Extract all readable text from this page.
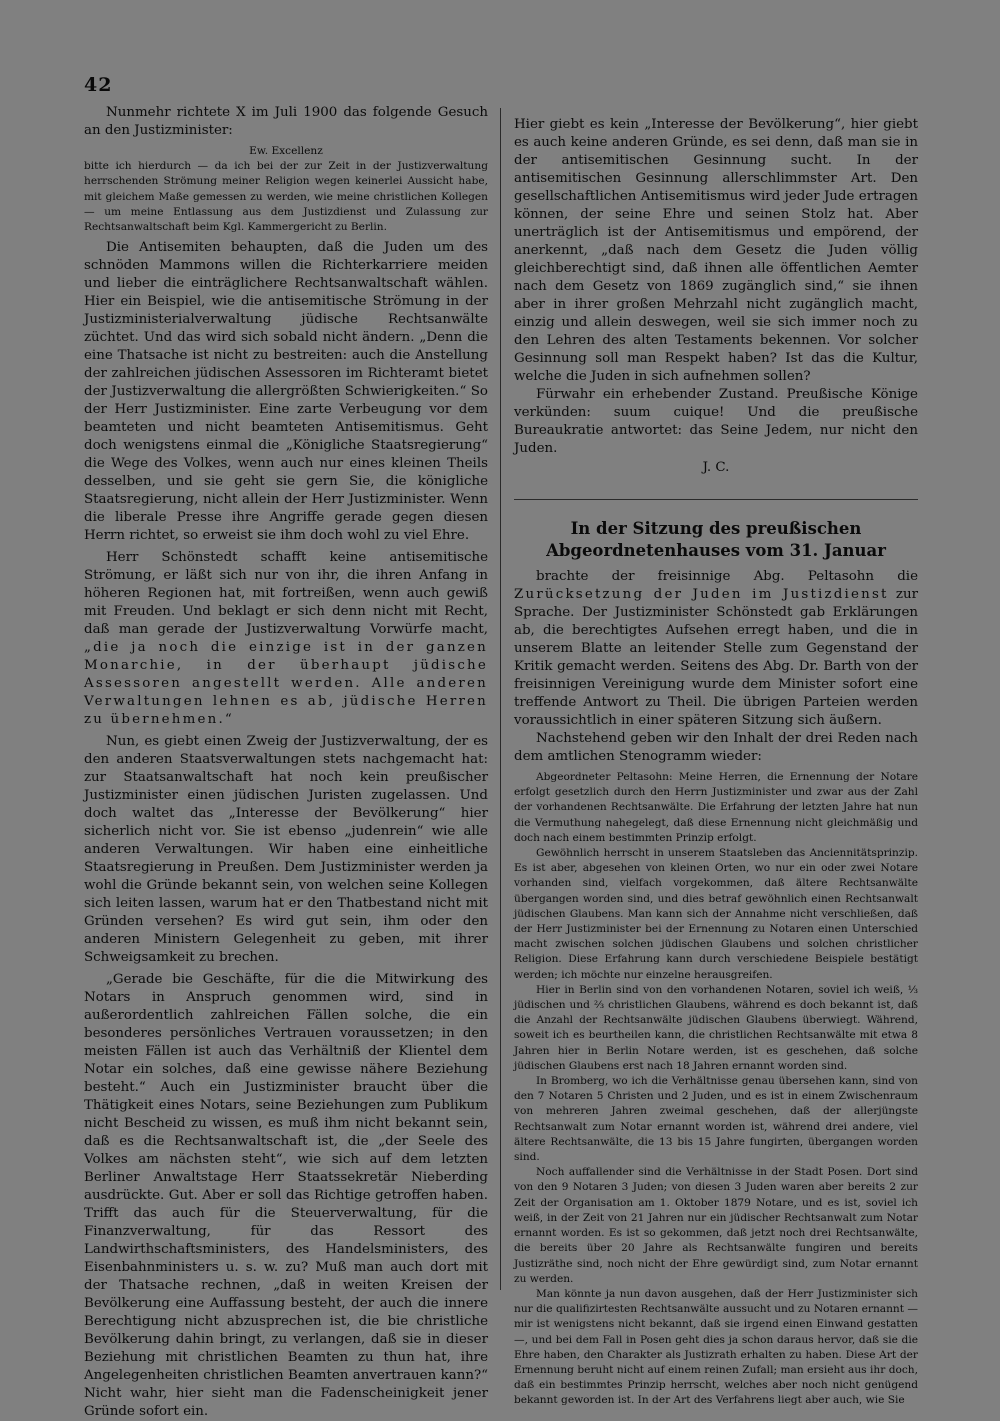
42

Nunmehr richtete X im Juli 1900 das folgende Gesuch an den Justizminister:

Ew. Excellenz

bitte ich hierdurch — da ich bei der zur Zeit in der Justizverwaltung herrschenden Strömung meiner Religion wegen keinerlei Aussicht habe, mit gleichem Maße gemessen zu werden, wie meine christlichen Kollegen — um meine Entlassung aus dem Justizdienst und Zulassung zur Rechtsanwaltschaft beim Kgl. Kammergericht zu Berlin.

Die Antisemiten behaupten, daß die Juden um des schnöden Mammons willen die Richterkarriere meiden und lieber die einträglichere Rechtsanwaltschaft wählen. Hier ein Beispiel, wie die antisemitische Strömung in der Justizministerialverwaltung jüdische Rechtsanwälte züchtet. Und das wird sich sobald nicht ändern. „Denn die eine Thatsache ist nicht zu bestreiten: auch die Anstellung der zahlreichen jüdischen Assessoren im Richteramt bietet der Justizverwaltung die allergrößten Schwierigkeiten.“ So der Herr Justizminister. Eine zarte Verbeugung vor dem beamteten und nicht beamteten Antisemitismus. Geht doch wenigstens einmal die „Königliche Staatsregierung“ die Wege des Volkes, wenn auch nur eines kleinen Theils desselben, und sie geht sie gern Sie, die königliche Staatsregierung, nicht allein der Herr Justizminister. Wenn die liberale Presse ihre Angriffe gerade gegen diesen Herrn richtet, so erweist sie ihm doch wohl zu viel Ehre.

Herr Schönstedt schafft keine antisemitische Strömung, er läßt sich nur von ihr, die ihren Anfang in höheren Regionen hat, mit fortreißen, wenn auch gewiß mit Freuden. Und beklagt er sich denn nicht mit Recht, daß man gerade der Justizverwaltung Vorwürfe macht, „die ja noch die einzige ist in der ganzen Monarchie, in der überhaupt jüdische Assessoren angestellt werden. Alle anderen Verwaltungen lehnen es ab, jüdische Herren zu übernehmen.“

Nun, es giebt einen Zweig der Justizverwaltung, der es den anderen Staatsverwaltungen stets nachgemacht hat: zur Staatsanwaltschaft hat noch kein preußischer Justizminister einen jüdischen Juristen zugelassen. Und doch waltet das „Interesse der Bevölkerung“ hier sicherlich nicht vor. Sie ist ebenso „judenrein“ wie alle anderen Verwaltungen. Wir haben eine einheitliche Staatsregierung in Preußen. Dem Justizminister werden ja wohl die Gründe bekannt sein, von welchen seine Kollegen sich leiten lassen, warum hat er den Thatbestand nicht mit Gründen versehen? Es wird gut sein, ihm oder den anderen Ministern Gelegenheit zu geben, mit ihrer Schweigsamkeit zu brechen.

„Gerade bie Geschäfte, für die die Mitwirkung des Notars in Anspruch genommen wird, sind in außerordentlich zahlreichen Fällen solche, die ein besonderes persönliches Vertrauen voraussetzen; in den meisten Fällen ist auch das Verhältniß der Klientel dem Notar ein solches, daß eine gewisse nähere Beziehung besteht.“ Auch ein Justizminister braucht über die Thätigkeit eines Notars, seine Beziehungen zum Publikum nicht Bescheid zu wissen, es muß ihm nicht bekannt sein, daß es die Rechtsanwaltschaft ist, die „der Seele des Volkes am nächsten steht“, wie sich auf dem letzten Berliner Anwaltstage Herr Staatssekretär Nieberding ausdrückte. Gut. Aber er soll das Richtige getroffen haben. Trifft das auch für die Steuerverwaltung, für die Finanzverwaltung, für das Ressort des Landwirthschaftsministers, des Handelsministers, des Eisenbahnministers u. s. w. zu? Muß man auch dort mit der Thatsache rechnen, „daß in weiten Kreisen der Bevölkerung eine Auffassung besteht, der auch die innere Berechtigung nicht abzusprechen ist, die bie christliche Bevölkerung dahin bringt, zu verlangen, daß sie in dieser Beziehung mit christlichen Beamten zu thun hat, ihre Angelegenheiten christlichen Beamten anvertrauen kann?“ Nicht wahr, hier sieht man die Fadenscheinigkeit jener Gründe sofort ein.

Hier giebt es kein „Interesse der Bevölkerung“, hier giebt es auch keine anderen Gründe, es sei denn, daß man sie in der antisemitischen Gesinnung sucht. In der antisemitischen Gesinnung allerschlimmster Art. Den gesellschaftlichen Antisemitismus wird jeder Jude ertragen können, der seine Ehre und seinen Stolz hat. Aber unerträglich ist der Antisemitismus und empörend, der anerkennt, „daß nach dem Gesetz die Juden völlig gleichberechtigt sind, daß ihnen alle öffentlichen Aemter nach dem Gesetz von 1869 zugänglich sind,“ sie ihnen aber in ihrer großen Mehrzahl nicht zugänglich macht, einzig und allein deswegen, weil sie sich immer noch zu den Lehren des alten Testaments bekennen. Vor solcher Gesinnung soll man Respekt haben? Ist das die Kultur, welche die Juden in sich aufnehmen sollen?

Fürwahr ein erhebender Zustand. Preußische Könige verkünden: suum cuique! Und die preußische Bureaukratie antwortet: das Seine Jedem, nur nicht den Juden.

J. C.

In der Sitzung des preußischen Abgeordnetenhauses vom 31. Januar

brachte der freisinnige Abg. Peltasohn die Zurücksetzung der Juden im Justizdienst zur Sprache. Der Justizminister Schönstedt gab Erklärungen ab, die berechtigtes Aufsehen erregt haben, und die in unserem Blatte an leitender Stelle zum Gegenstand der Kritik gemacht werden. Seitens des Abg. Dr. Barth von der freisinnigen Vereinigung wurde dem Minister sofort eine treffende Antwort zu Theil. Die übrigen Parteien werden voraussichtlich in einer späteren Sitzung sich äußern.

Nachstehend geben wir den Inhalt der drei Reden nach dem amtlichen Stenogramm wieder:

Abgeordneter Peltasohn: Meine Herren, die Ernennung der Notare erfolgt gesetzlich durch den Herrn Justizminister und zwar aus der Zahl der vorhandenen Rechtsanwälte. Die Erfahrung der letzten Jahre hat nun die Vermuthung nahegelegt, daß diese Ernennung nicht gleichmäßig und doch nach einem bestimmten Prinzip erfolgt.

Gewöhnlich herrscht in unserem Staatsleben das Anciennitätsprinzip. Es ist aber, abgesehen von kleinen Orten, wo nur ein oder zwei Notare vorhanden sind, vielfach vorgekommen, daß ältere Rechtsanwälte übergangen worden sind, und dies betraf gewöhnlich einen Rechtsanwalt jüdischen Glaubens. Man kann sich der Annahme nicht verschließen, daß der Herr Justizminister bei der Ernennung zu Notaren einen Unterschied macht zwischen solchen jüdischen Glaubens und solchen christlicher Religion. Diese Erfahrung kann durch verschiedene Beispiele bestätigt werden; ich möchte nur einzelne herausgreifen.

Hier in Berlin sind von den vorhandenen Notaren, soviel ich weiß, ⅓ jüdischen und ⅔ christlichen Glaubens, während es doch bekannt ist, daß die Anzahl der Rechtsanwälte jüdischen Glaubens überwiegt. Während, soweit ich es beurtheilen kann, die christlichen Rechtsanwälte mit etwa 8 Jahren hier in Berlin Notare werden, ist es geschehen, daß solche jüdischen Glaubens erst nach 18 Jahren ernannt worden sind.

In Bromberg, wo ich die Verhältnisse genau übersehen kann, sind von den 7 Notaren 5 Christen und 2 Juden, und es ist in einem Zwischenraum von mehreren Jahren zweimal geschehen, daß der allerjüngste Rechtsanwalt zum Notar ernannt worden ist, während drei andere, viel ältere Rechtsanwälte, die 13 bis 15 Jahre fungirten, übergangen worden sind.

Noch auffallender sind die Verhältnisse in der Stadt Posen. Dort sind von den 9 Notaren 3 Juden; von diesen 3 Juden waren aber bereits 2 zur Zeit der Organisation am 1. Oktober 1879 Notare, und es ist, soviel ich weiß, in der Zeit von 21 Jahren nur ein jüdischer Rechtsanwalt zum Notar ernannt worden. Es ist so gekommen, daß jetzt noch drei Rechtsanwälte, die bereits über 20 Jahre als Rechtsanwälte fungiren und bereits Justizräthe sind, noch nicht der Ehre gewürdigt sind, zum Notar ernannt zu werden.

Man könnte ja nun davon ausgehen, daß der Herr Justizminister sich nur die qualifizirtesten Rechtsanwälte aussucht und zu Notaren ernannt — mir ist wenigstens nicht bekannt, daß sie irgend einen Einwand gestatten —, und bei dem Fall in Posen geht dies ja schon daraus hervor, daß sie die Ehre haben, den Charakter als Justizrath erhalten zu haben. Diese Art der Ernennung beruht nicht auf einem reinen Zufall; man ersieht aus ihr doch, daß ein bestimmtes Prinzip herrscht, welches aber noch nicht genügend bekannt geworden ist. In der Art des Verfahrens liegt aber auch, wie Sie
